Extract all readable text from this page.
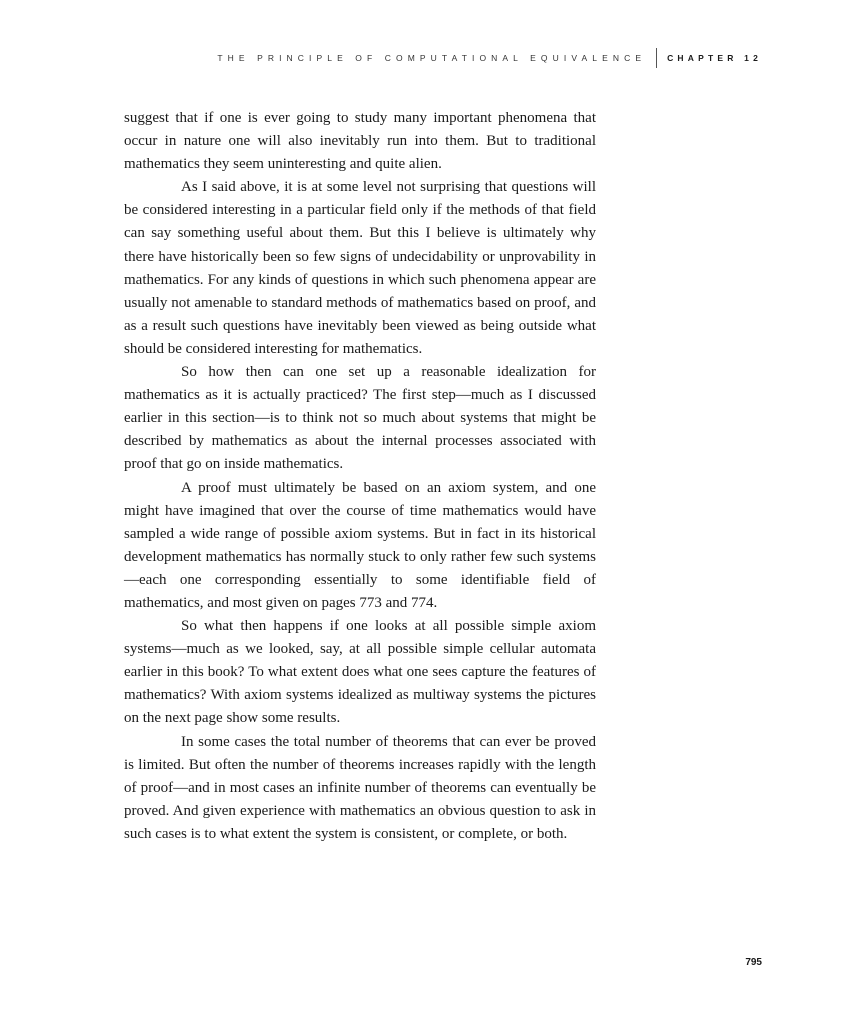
THE PRINCIPLE OF COMPUTATIONAL EQUIVALENCE	CHAPTER 12

suggest that if one is ever going to study many important phenomena that occur in nature one will also inevitably run into them. But to traditional mathematics they seem uninteresting and quite alien.

As I said above, it is at some level not surprising that questions will be considered interesting in a particular field only if the methods of that field can say something useful about them. But this I believe is ultimately why there have historically been so few signs of undecidability or unprovability in mathematics. For any kinds of questions in which such phenomena appear are usually not amenable to standard methods of mathematics based on proof, and as a result such questions have inevitably been viewed as being outside what should be considered interesting for mathematics.

So how then can one set up a reasonable idealization for mathematics as it is actually practiced? The first step—much as I discussed earlier in this section—is to think not so much about systems that might be described by mathematics as about the internal processes associated with proof that go on inside mathematics.

A proof must ultimately be based on an axiom system, and one might have imagined that over the course of time mathematics would have sampled a wide range of possible axiom systems. But in fact in its historical development mathematics has normally stuck to only rather few such systems—each one corresponding essentially to some identifiable field of mathematics, and most given on pages 773 and 774.

So what then happens if one looks at all possible simple axiom systems—much as we looked, say, at all possible simple cellular automata earlier in this book? To what extent does what one sees capture the features of mathematics? With axiom systems idealized as multiway systems the pictures on the next page show some results.

In some cases the total number of theorems that can ever be proved is limited. But often the number of theorems increases rapidly with the length of proof—and in most cases an infinite number of theorems can eventually be proved. And given experience with mathematics an obvious question to ask in such cases is to what extent the system is consistent, or complete, or both.

795
